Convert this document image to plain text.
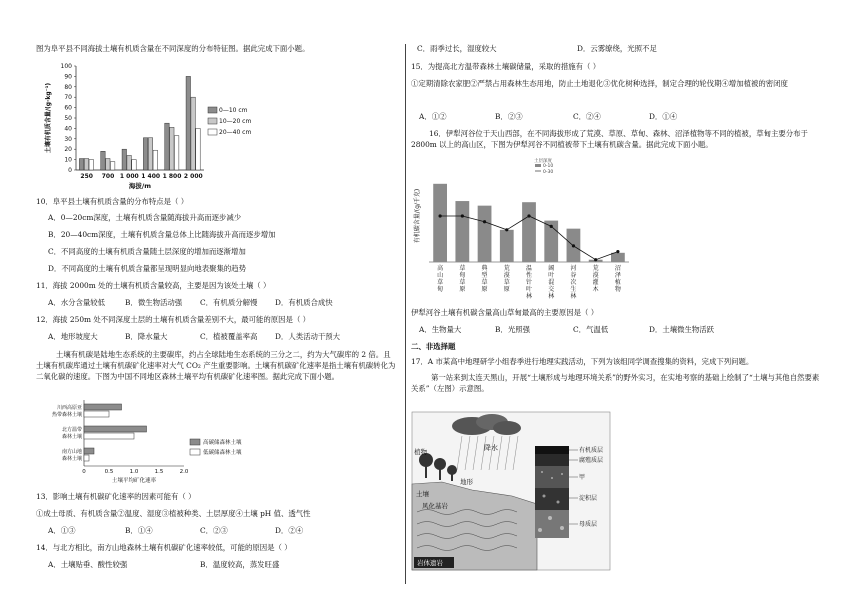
图为阜平县不同海拔土壤有机质含量在不同深度的分布特征图。据此完成下面小题。
0
10
20
30
40
50
60
70
80
90
100
250 700 1 000 1 400 1 800 2 000
海拔/m
土壤有机质含量/(g·kg⁻¹)	0—10 cm
10—20 cm
20—40 cm
10．阜平县土壤有机质含量的分布特点是（ ）
A．0—20cm深度，土壤有机质含量随海拔升高而逐步减少
B．20—40cm深度，土壤有机质含量总体上比随海拔升高而逐步增加
C．不同高度的土壤有机质含量随土层深度的增加而逐渐增加
D．不同高度的土壤有机质含量都呈现明显向地表聚集的趋势
11．海拔 2000m 处的土壤有机质含量较高，主要是因为该处土壤（ ）
A．水分含量较低	B．微生物活动强 C．有机质分解慢 D．有机质合成快
12．海拔 250m 处不同深度土层的土壤有机质含量差别不大，最可能的原因是（ ）
A．地形坡度大	B．降水量大	C．植被覆盖率高 D．人类活动干预大
土壤有机碳是陆地生态系统的主要碳库，约占全球陆地生态系统的三分之二，约为大气碳库的 2 倍。且土壤有机碳库通过土壤有机碳矿化速率对大气 CO₂ 产生重要影响。土壤有机碳矿化速率是指土壤有机碳转化为二氧化碳的速度。下图为中国不同地区森林土壤平均有机碳矿化速率图。据此完成下面小题。
0	0.5	1.0	1.5	2.0
土壤平均矿化速率
川西高原亚
热带森林土壤
北方温带
森林土壤
南方山地
森林土壤
高碳储森林土壤
低碳储森林土壤
13．影响土壤有机碳矿化速率的因素可能有（ ）
①成土母质、有机质含量②温度、湿度③植被种类、土层厚度④土壤 pH 值、透气性
A．①③	B．①④	C．②③	D．②④
14．与北方相比，南方山地森林土壤有机碳矿化速率较低，可能的原因是（ ）
A．土壤贴垂、酸性较强	B．温度较高，蒸发旺盛
C．雨季过长，湿度较大	D．云雾缭绕，光照不足
15．为提高北方温带森林土壤碳储量，采取的措施有（ ）
①定期清除农家肥②严禁占用森林生态用地，防止土地退化③优化树种选择，制定合理的轮伐期④增加植被的密闭度
A．①②	B．②③	C．②④	D．①④
16．伊犁河谷位于天山西部，在不同海拔形成了荒漠、草原、草甸、森林、沼泽植物等不同的植被，草甸主要分布于 2800m 以上的高山区，下图为伊犁河谷不同植被带下土壤有机碳含量。据此完成下面小题。
有机碳含量/(g/千克)
土层深度
0-10
0-30
高
山
草
甸
草
甸
草
原
典
型
草
原
荒
漠
草
原
温
性
针
叶
林
阔
叶
混
交
林
河
谷
次
生
林
荒
漠
灌
木
沼
泽
植
物
伊犁河谷土壤有机碳含量高山草甸最高的主要原因是（ ）
A．生物量大	B．光照强	C．气温低	D．土壤微生物活跃
二、非选择题
17．A 市某高中地理研学小组春季进行地理实践活动，下列为该组同学调查搜集的资料，完成下列问题。
第一站来到太连天黑山，开展“土壤形成与地理环境关系”的野外实习，在实地考察的基础上绘制了“土壤与其他自然要素关系”（左图）示意图。
降水
植物
土壤
地形
风化基岩
岩体遗岩
有机质层
腐殖质层
甲
淀积层
母质层
